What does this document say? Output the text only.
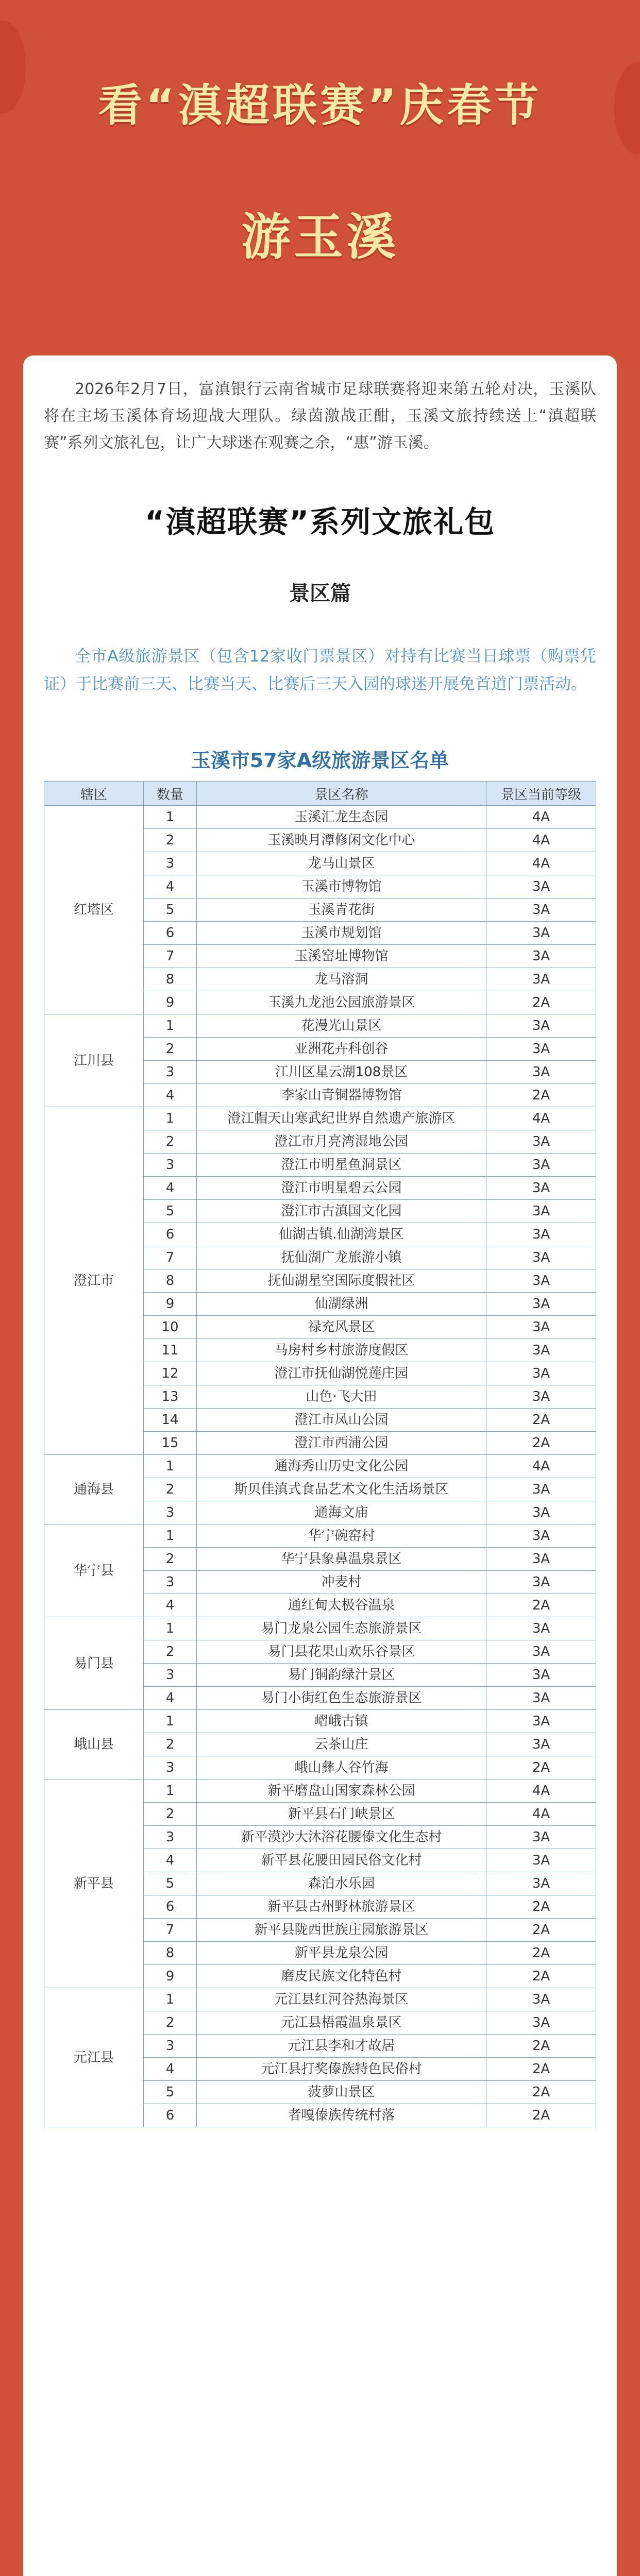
看“滇超联赛”庆春节
游玉溪

2026年2月7日，富滇银行云南省城市足球联赛将迎来第五轮对决，玉溪队将在主场玉溪体育场迎战大理队。绿茵激战正酣，玉溪文旅持续送上“滇超联赛”系列文旅礼包，让广大球迷在观赛之余，“惠”游玉溪。

“滇超联赛”系列文旅礼包
景区篇

全市A级旅游景区（包含12家收门票景区）对持有比赛当日球票（购票凭证）于比赛前三天、比赛当天、比赛后三天入园的球迷开展免首道门票活动。

玉溪市57家A级旅游景区名单
辖区	数量	景区名称	景区当前等级
红塔区	1	玉溪汇龙生态园	4A
	2	玉溪映月潭修闲文化中心	4A
	3	龙马山景区	4A
	4	玉溪市博物馆	3A
	5	玉溪青花街	3A
	6	玉溪市规划馆	3A
	7	玉溪窑址博物馆	3A
	8	龙马溶洞	3A
	9	玉溪九龙池公园旅游景区	2A
江川县	1	花漫光山景区	3A
	2	亚洲花卉科创谷	3A
	3	江川区星云湖108景区	3A
	4	李家山青铜器博物馆	2A
澄江市	1	澄江帽天山寒武纪世界自然遗产旅游区	4A
	2	澄江市月亮湾湿地公园	3A
	3	澄江市明星鱼洞景区	3A
	4	澄江市明星碧云公园	3A
	5	澄江市古滇国文化园	3A
	6	仙湖古镇.仙湖湾景区	3A
	7	抚仙湖广龙旅游小镇	3A
	8	抚仙湖星空国际度假社区	3A
	9	仙湖绿洲	3A
	10	禄充风景区	3A
	11	马房村乡村旅游度假区	3A
	12	澄江市抚仙湖悦莲庄园	3A
	13	山色·飞大田	3A
	14	澄江市凤山公园	2A
	15	澄江市西浦公园	2A
通海县	1	通海秀山历史文化公园	4A
	2	斯贝佳滇式食品艺术文化生活场景区	3A
	3	通海文庙	3A
华宁县	1	华宁碗窑村	3A
	2	华宁县象鼻温泉景区	3A
	3	冲麦村	3A
	4	通红甸太极谷温泉	2A
易门县	1	易门龙泉公园生态旅游景区	3A
	2	易门县花果山欢乐谷景区	3A
	3	易门铜韵绿汁景区	3A
	4	易门小街红色生态旅游景区	3A
峨山县	1	嶍峨古镇	3A
	2	云茶山庄	3A
	3	峨山彝人谷竹海	2A
新平县	1	新平磨盘山国家森林公园	4A
	2	新平县石门峡景区	4A
	3	新平漠沙大沐浴花腰傣文化生态村	3A
	4	新平县花腰田园民俗文化村	3A
	5	森泊水乐园	3A
	6	新平县古州野林旅游景区	2A
	7	新平县陇西世族庄园旅游景区	2A
	8	新平县龙泉公园	2A
	9	磨皮民族文化特色村	2A
元江县	1	元江县红河谷热海景区	3A
	2	元江县梧霞温泉景区	3A
	3	元江县李和才故居	2A
	4	元江县打奖傣族特色民俗村	2A
	5	菠萝山景区	2A
	6	者嘎傣族传统村落	2A
